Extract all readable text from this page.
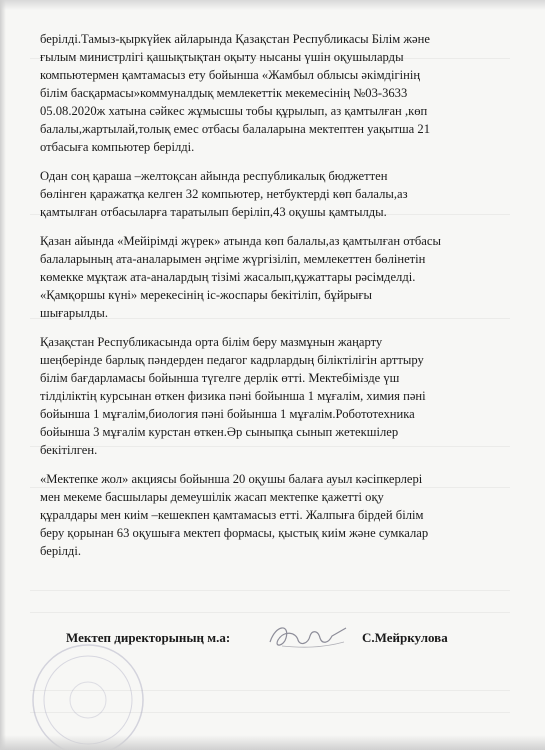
берілді.Тамыз-қыркүйек айларында Қазақстан Республикасы Білім және
ғылым министрлігі қашықтықтан оқыту нысаны үшін оқушыларды
компьютермен қамтамасыз ету бойынша «Жамбыл облысы әкімдігінің
білім басқармасы»коммуналдық мемлекеттік мекемесінің №03-3633
05.08.2020ж хатына сәйкес жұмысшы тобы құрылып, аз қамтылған ,көп
балалы,жартылай,толық емес отбасы балаларына мектептен уақытша 21
отбасыға компьютер берілді.

Одан соң қараша –желтоқсан айында республикалық бюджеттен
бөлінген қаражатқа келген 32 компьютер, нетбуктерді көп балалы,аз
қамтылған отбасыларға таратылып беріліп,43 оқушы қамтылды.

Қазан айында «Мейірімді жүрек» атында көп балалы,аз қамтылған отбасы
балаларының ата-аналарымен әңгіме жүргізіліп, мемлекеттен бөлінетін
көмекке мұқтаж ата-аналардың тізімі жасалып,құжаттары рәсімделді.
«Қамқоршы күні» мерекесінің іс-жоспары бекітіліп, бұйрығы
шығарылды.

Қазақстан Республикасында орта білім беру мазмұнын жаңарту
шеңберінде барлық пәндерден педагог кадрлардың біліктілігін арттыру
білім бағдарламасы бойынша түгелге дерлік өтті. Мектебімізде үш
тілділіктің курсынан өткен физика пәні бойынша 1 мұғалім, химия пәні
бойынша 1 мұғалім,биология пәні бойынша 1 мұғалім.Робототехника
бойынша 3 мұғалім курстан өткен.Әр сыныпқа сынып жетекшілер
бекітілген.

«Мектепке жол» акциясы бойынша 20 оқушы балаға ауыл кәсіпкерлері
мен мекеме басшылары демеушілік жасап мектепке қажетті оқу
құралдары мен киім –кешекпен қамтамасыз етті. Жалпыға бірдей білім
беру қорынан 63 оқушыға мектеп формасы, қыстық киім және сумкалар
берілді.

Мектеп директорының м.а:	С.Мейркулова
